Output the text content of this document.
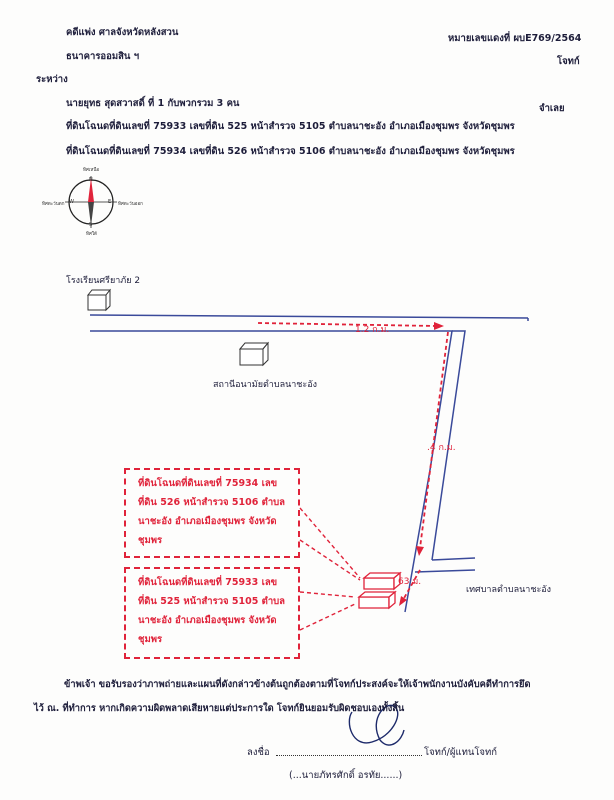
คดีแพ่ง ศาลจังหวัดหลังสวน
หมายเลขแดงที่ ผบE769/2564
ธนาคารออมสิน ฯ	โจทก์
ระหว่าง
นายยุทธ สุดสวาสดิ์ ที่ 1 กับพวกรวม 3 คน	จำเลย
ที่ดินโฉนดที่ดินเลขที่ 75933 เลขที่ดิน 525 หน้าสำรวจ 5105 ตำบลนาชะอัง อำเภอเมืองชุมพร จังหวัดชุมพร
ที่ดินโฉนดที่ดินเลขที่ 75934 เลขที่ดิน 526 หน้าสำรวจ 5106 ตำบลนาชะอัง อำเภอเมืองชุมพร จังหวัดชุมพร
ทิศเหนือ
ทิศใต้
ทิศตะวันตก	ทิศตะวันออก
N
S
W	E
โรงเรียนศรียาภัย 2
สถานีอนามัยตำบลนาชะอัง
เทศบาลตำบลนาชะอัง
1.2 ก.ม.
.4 ก.ม.
63 ม.
ที่ดินโฉนดที่ดินเลขที่ 75934 เลขที่ดิน 526 หน้าสำรวจ 5106 ตำบลนาชะอัง อำเภอเมืองชุมพร จังหวัดชุมพร
ที่ดินโฉนดที่ดินเลขที่ 75933 เลขที่ดิน 525 หน้าสำรวจ 5105 ตำบลนาชะอัง อำเภอเมืองชุมพร จังหวัดชุมพร
ข้าพเจ้า ขอรับรองว่าภาพถ่ายและแผนที่ดังกล่าวข้างต้นถูกต้องตามที่โจทก์ประสงค์จะให้เจ้าพนักงานบังคับคดีทำการยึด
ไว้ ณ. ที่ทำการ หากเกิดความผิดพลาดเสียหายแต่ประการใด โจทก์ยินยอมรับผิดชอบเองทั้งสิ้น
ลงชื่อ	โจทก์/ผู้แทนโจทก์
(...นายภัทรศักดิ์ อรทัย......)
